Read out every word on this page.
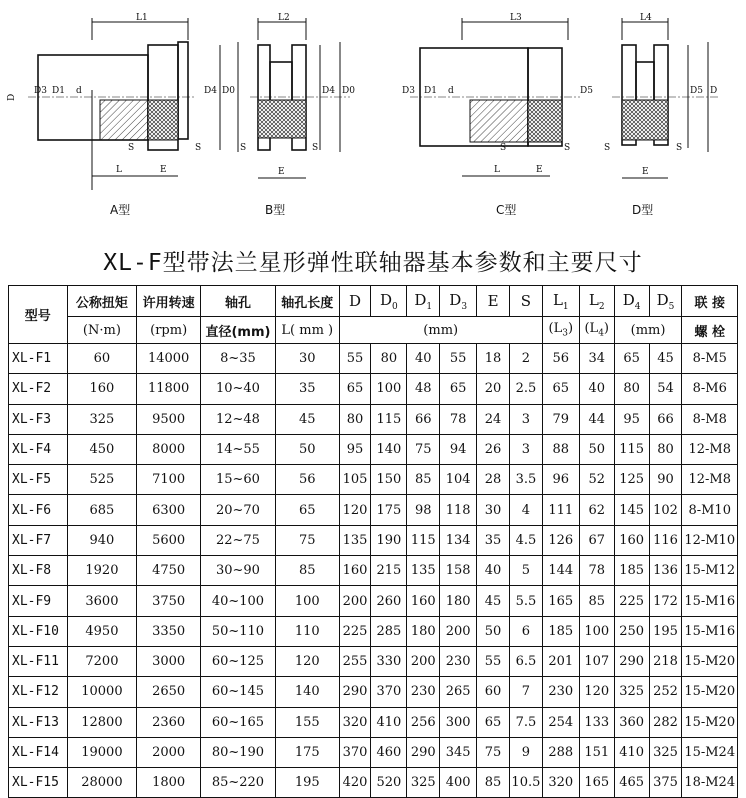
L1
L	E
S	S
D
D3 D1 d	D4 D0
A型
L2
E
S	S
D4 D0
B型
L3
L	E
S	S
D3 D1 d	D5
C型
L4
E
S	S
D5 D
D型
XL-F型带法兰星形弹性联轴器基本参数和主要尺寸
型号	公称扭矩	许用转速	轴孔	轴孔长度	D	$D_0$	$D_1$	$D_3$	E	S	$L_1$	$L_2$	$D_4$	$D_5$	联 接
	(N·m)	(rpm)	直径(mm)	L( mm )	(mm)						$(L_3)$	$(L_4)$	(mm)		螺 栓
XL-F1	60	14000	8~35	30	55	80	40	55	18	2	56	34	65	45	8-M5
XL-F2	160	11800	10~40	35	65	100	48	65	20	2.5	65	40	80	54	8-M6
XL-F3	325	9500	12~48	45	80	115	66	78	24	3	79	44	95	66	8-M8
XL-F4	450	8000	14~55	50	95	140	75	94	26	3	88	50	115	80	12-M8
XL-F5	525	7100	15~60	56	105	150	85	104	28	3.5	96	52	125	90	12-M8
XL-F6	685	6300	20~70	65	120	175	98	118	30	4	111	62	145	102	8-M10
XL-F7	940	5600	22~75	75	135	190	115	134	35	4.5	126	67	160	116	12-M10
XL-F8	1920	4750	30~90	85	160	215	135	158	40	5	144	78	185	136	15-M12
XL-F9	3600	3750	40~100	100	200	260	160	180	45	5.5	165	85	225	172	15-M16
XL-F10	4950	3350	50~110	110	225	285	180	200	50	6	185	100	250	195	15-M16
XL-F11	7200	3000	60~125	120	255	330	200	230	55	6.5	201	107	290	218	15-M20
XL-F12	10000	2650	60~145	140	290	370	230	265	60	7	230	120	325	252	15-M20
XL-F13	12800	2360	60~165	155	320	410	256	300	65	7.5	254	133	360	282	15-M20
XL-F14	19000	2000	80~190	175	370	460	290	345	75	9	288	151	410	325	15-M24
XL-F15	28000	1800	85~220	195	420	520	325	400	85	10.5	320	165	465	375	18-M24
